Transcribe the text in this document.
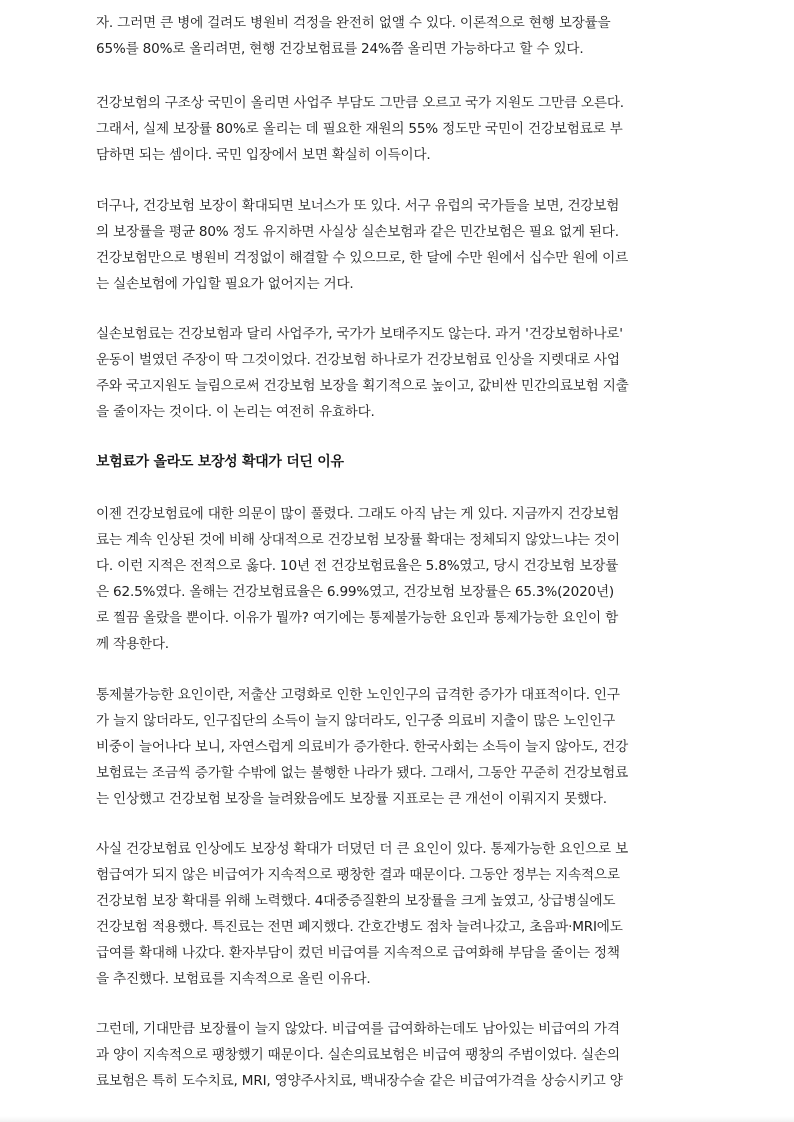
자. 그러면 큰 병에 걸려도 병원비 걱정을 완전히 없앨 수 있다. 이론적으로 현행 보장률을
65%를 80%로 올리려면, 현행 건강보험료를 24%쯤 올리면 가능하다고 할 수 있다.
건강보험의 구조상 국민이 올리면 사업주 부담도 그만큼 오르고 국가 지원도 그만큼 오른다.
그래서, 실제 보장률 80%로 올리는 데 필요한 재원의 55% 정도만 국민이 건강보험료로 부
담하면 되는 셈이다. 국민 입장에서 보면 확실히 이득이다.
더구나, 건강보험 보장이 확대되면 보너스가 또 있다. 서구 유럽의 국가들을 보면, 건강보험
의 보장률을 평균 80% 정도 유지하면 사실상 실손보험과 같은 민간보험은 필요 없게 된다.
건강보험만으로 병원비 걱정없이 해결할 수 있으므로, 한 달에 수만 원에서 십수만 원에 이르
는 실손보험에 가입할 필요가 없어지는 거다.
실손보험료는 건강보험과 달리 사업주가, 국가가 보태주지도 않는다. 과거 '건강보험하나로'
운동이 벌였던 주장이 딱 그것이었다. 건강보험 하나로가 건강보험료 인상을 지렛대로 사업
주와 국고지원도 늘림으로써 건강보험 보장을 획기적으로 높이고, 값비싼 민간의료보험 지출
을 줄이자는 것이다. 이 논리는 여전히 유효하다.
보험료가 올라도 보장성 확대가 더딘 이유
이젠 건강보험료에 대한 의문이 많이 풀렸다. 그래도 아직 남는 게 있다. 지금까지 건강보험
료는 계속 인상된 것에 비해 상대적으로 건강보험 보장률 확대는 정체되지 않았느냐는 것이
다. 이런 지적은 전적으로 옳다. 10년 전 건강보험료율은 5.8%였고, 당시 건강보험 보장률
은 62.5%였다. 올해는 건강보험료율은 6.99%였고, 건강보험 보장률은 65.3%(2020년)
로 찔끔 올랐을 뿐이다. 이유가 뭘까? 여기에는 통제불가능한 요인과 통제가능한 요인이 함
께 작용한다.
통제불가능한 요인이란, 저출산 고령화로 인한 노인인구의 급격한 증가가 대표적이다. 인구
가 늘지 않더라도, 인구집단의 소득이 늘지 않더라도, 인구중 의료비 지출이 많은 노인인구
비중이 늘어나다 보니, 자연스럽게 의료비가 증가한다. 한국사회는 소득이 늘지 않아도, 건강
보험료는 조금씩 증가할 수밖에 없는 불행한 나라가 됐다. 그래서, 그동안 꾸준히 건강보험료
는 인상했고 건강보험 보장을 늘려왔음에도 보장률 지표로는 큰 개선이 이뤄지지 못했다.
사실 건강보험료 인상에도 보장성 확대가 더뎠던 더 큰 요인이 있다. 통제가능한 요인으로 보
험급여가 되지 않은 비급여가 지속적으로 팽창한 결과 때문이다. 그동안 정부는 지속적으로
건강보험 보장 확대를 위해 노력했다. 4대중증질환의 보장률을 크게 높였고, 상급병실에도
건강보험 적용했다. 특진료는 전면 폐지했다. 간호간병도 점차 늘려나갔고, 초음파·MRI에도
급여를 확대해 나갔다. 환자부담이 컸던 비급여를 지속적으로 급여화해 부담을 줄이는 정책
을 추진했다. 보험료를 지속적으로 올린 이유다.
그런데, 기대만큼 보장률이 늘지 않았다. 비급여를 급여화하는데도 남아있는 비급여의 가격
과 양이 지속적으로 팽창했기 때문이다. 실손의료보험은 비급여 팽창의 주범이었다. 실손의
료보험은 특히 도수치료, MRI, 영양주사치료, 백내장수술 같은 비급여가격을 상승시키고 양
